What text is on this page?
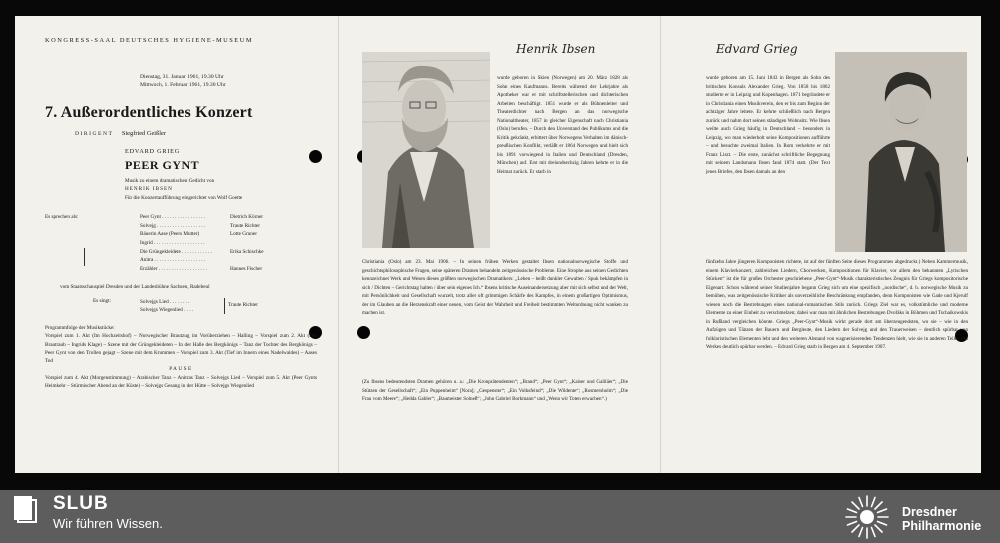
KONGRESS-SAAL DEUTSCHES HYGIENE-MUSEUM
Dienstag, 31. Januar 1961, 19.30 Uhr
Mittwoch, 1. Februar 1961, 19.30 Uhr
7. Außerordentliches Konzert
DIRIGENT Siegfried Geißler
EDVARD GRIEG
PEER GYNT
Musik zu einem dramatischen Gedicht von
HENRIK IBSEN
Für die Konzertaufführung eingerichtet von Wolf Goette
Es sprechen als:	Peer Gynt . . . . . . . . . . . . . . . . .	Dietrich Körner
Solvejg . . . . . . . . . . . . . . . . . . .	Traute Richter
Bäuerin Aase (Peers Mutter)	Lotte Gruner
Ingrid . . . . . . . . . . . . . . . . . . . .
Die Grüngekleidete . . . . . . . . . . . .	Erika Schischke
Anitra . . . . . . . . . . . . . . . . . . . .
Erzähler . . . . . . . . . . . . . . . . . . .	Hannes Fischer
vom Staatsschauspiel Dresden und der Landesbühne Sachsen, Radebeul
Es singt:	Solvejgs Lied . . . . . . . .
Solvejgs Wiegenlied . . . .
Traute Richter
Programmfolge der Musikstücke:
Vorspiel zum 1. Akt (Im Hochzeitshof) – Norwegischer Brautzug im Vorüberziehen – Halling – Vorspiel zum 2. Akt (Der Brautraub – Ingrids Klage) – Szene mit der Grüngekleideten – In der Halle des Bergkönigs – Tanz der Tochter des Bergkönigs – Peer Gynt von den Trollen gejagt – Szene mit dem Krummen – Vorspiel zum 3. Akt (Tief im Innern eines Nadelwaldes) – Aases Tod
PAUSE
Vorspiel zum 4. Akt (Morgenstimmung) – Arabischer Tanz – Anitras Tanz – Solvejgs Lied – Vorspiel zum 5. Akt (Peer Gynts Heimkehr – Stürmischer Abend an der Küste) – Solvejgs Gesang in der Hütte – Solvejgs Wiegenlied
Henrik Ibsen
wurde geboren in Skien (Norwegen) am 20. März 1828 als Sohn eines Kaufmanns. Bereits während der Lehrjahre als Apotheker war er mit schriftstellerischen und dichterischen Arbeiten beschäftigt. 1851 wurde er als Bühnenleiter und Theaterdichter nach Bergen an das norwegische Nationaltheater, 1857 in gleicher Eigenschaft nach Christiania (Oslo) berufen. – Durch den Unverstand des Publikums und die Kritik gekränkt, erbittert über Norwegens Verhalten im dänisch-preußischen Konflikt, verläßt er 1864 Norwegen und hielt sich bis 1891 vorwiegend in Italien und Deutschland (Dresden, München) auf. Erst mit dreiundsechzig Jahren kehrte er in die Heimat zurück. Er starb in
Christiania (Oslo) am 23. Mai 1906. – In seinen frühen Werken gestaltet Ibsen nationalnorwegische Stoffe und geschichtsphilosophische Fragen, seine späteren Dramen behandeln zeitgenössische Probleme. Eine Strophe aus seinen Gedichten kennzeichnet Werk und Wesen dieses größten norwegischen Dramatikers: „Leben – heißt dunkler Gewalten / Spuk bekämpfen in sich / Dichten – Gerichtstag halten / über sein eigenes Ich.“ Ibsens kritische Auseinandersetzung aber mit sich selbst und der Welt, mit Persönlichkeit und Gesellschaft wurzelt, trotz aller oft grimmigen Schärfe des Kampfes, in einem großartigen Optimismus, der im Glauben an die Herzenskraft einer neuen, vom Geist der Wahrheit und Freiheit bestimmten Weltordnung nicht wanken zu machen ist.
(Zu Ibsens bedeutendsten Dramen gehören u. a.: „Die Kronprätendenten“; „Brand“; „Peer Gynt“; „Kaiser und Galiläer“; „Die Stützen der Gesellschaft“; „Ein Puppenheim“ [Nora]; „Gespenster“; „Ein Volksfeind“; „Die Wildente“; „Rosmersholm“; „Die Frau vom Meere“; „Hedda Gabler“; „Baumeister Solneß“; „John Gabriel Borkmann“ und „Wenn wir Toten erwachen“.)
Edvard Grieg
wurde geboren am 15. Juni 1843 in Bergen als Sohn des britischen Konsuls Alexander Grieg. Von 1858 bis 1862 studierte er in Leipzig und Kopenhagen. 1871 begründete er in Christiania einen Musikverein, den er bis zum Beginn der achtziger Jahre leitete. Er kehrte schließlich nach Bergen zurück und nahm dort seinen ständigen Wohnsitz. Wie Ibsen weilte auch Grieg häufig in Deutschland – besonders in Leipzig, wo man wiederholt seine Kompositionen aufführte – und besuchte zweimal Italien. In Rom verkehrte er mit Franz Liszt. – Die erste, zunächst schriftliche Begegnung mit seinem Landsmann Ibsen fand 1874 statt. (Der Text jenes Briefes, den Ibsen damals an den
fünfzehn Jahre jüngeren Komponisten richtete, ist auf der fünften Seite dieses Programmes abgedruckt.) Neben Kammermusik, einem Klavierkonzert, zahlreichen Liedern, Chorwerken, Kompositionen für Klavier, vor allem den bekannten „Lyrischen Stücken“ ist die für großes Orchester geschriebene „Peer-Gynt“-Musik charakteristisches Zeugnis für Griegs kompositorische Eigenart. Schon während seiner Studienjahre begann Grieg sich um eine spezifisch „nordische“, d. h. norwegische Musik zu bemühen, was zeitgenössische Kritiker als unverzeihliche Beschränkung empfanden, denn Komponisten wie Gade und Kjerulf wiesen noch die Bestrebungen eines national-romantischen Stils zurück. Griegs Ziel war es, volkstümliche und moderne Elemente zu einer Einheit zu verschmelzen; dabei war man mit ähnlichen Bestrebungen Dvořáks in Böhmen und Tschaikowskis in Rußland vergleichen könnte. Griegs „Peer-Gynt“-Musik wirkt gerade dort am überzeugendsten, wo sie – wie in den Aufzügen und Tänzen der Bauern und Bergleute, den Liedern der Solvejg und den Trauerweisen – deutlich spürbar von folkloristischen Elementen lebt und den weiteren Abstand von wagnerisierenden Tendenzen hielt, wie sie in anderen Teilen des Werkes deutlich spürbar werden. – Edvard Grieg starb in Bergen am 4. September 1907.
SLUB
Wir führen Wissen.
Dresdner
Philharmonie
